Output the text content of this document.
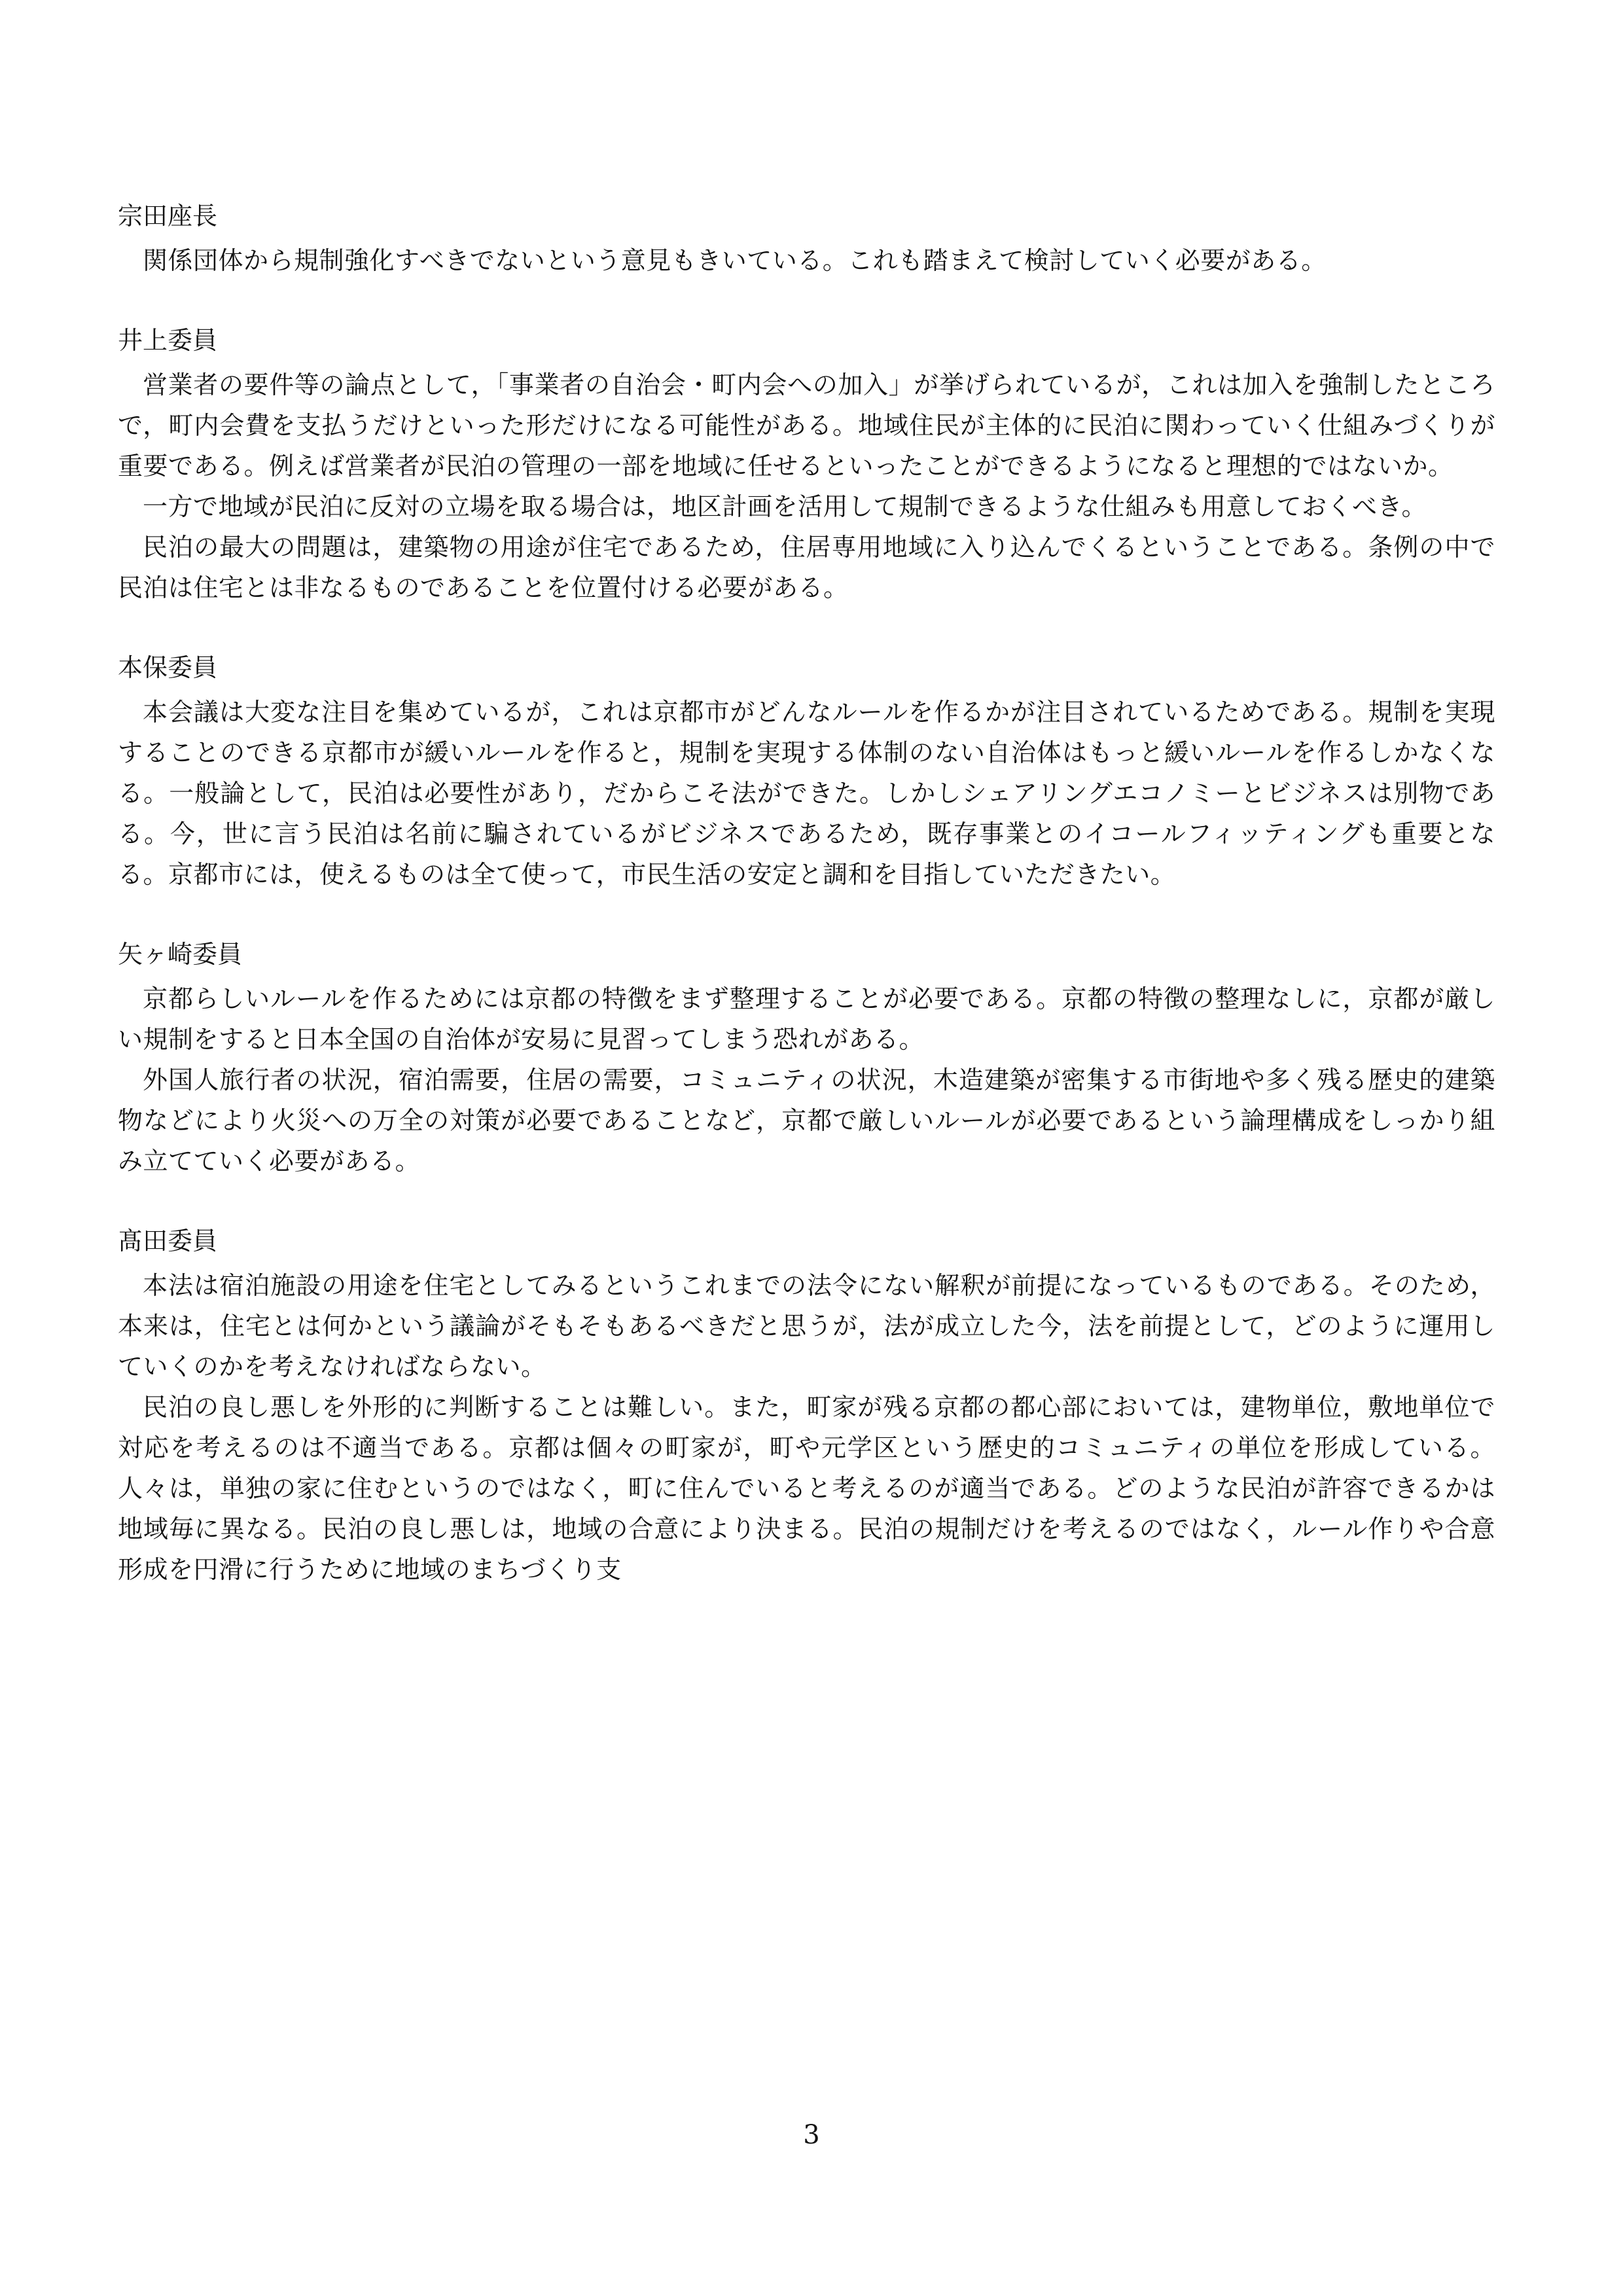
宗田座長

関係団体から規制強化すべきでないという意見もきいている。これも踏まえて検討していく必要がある。

井上委員

営業者の要件等の論点として，「事業者の自治会・町内会への加入」が挙げられているが，これは加入を強制したところで，町内会費を支払うだけといった形だけになる可能性がある。地域住民が主体的に民泊に関わっていく仕組みづくりが重要である。例えば営業者が民泊の管理の一部を地域に任せるといったことができるようになると理想的ではないか。

一方で地域が民泊に反対の立場を取る場合は，地区計画を活用して規制できるような仕組みも用意しておくべき。

民泊の最大の問題は，建築物の用途が住宅であるため，住居専用地域に入り込んでくるということである。条例の中で民泊は住宅とは非なるものであることを位置付ける必要がある。

本保委員

本会議は大変な注目を集めているが，これは京都市がどんなルールを作るかが注目されているためである。規制を実現することのできる京都市が緩いルールを作ると，規制を実現する体制のない自治体はもっと緩いルールを作るしかなくなる。一般論として，民泊は必要性があり，だからこそ法ができた。しかしシェアリングエコノミーとビジネスは別物である。今，世に言う民泊は名前に騙されているがビジネスであるため，既存事業とのイコールフィッティングも重要となる。京都市には，使えるものは全て使って，市民生活の安定と調和を目指していただきたい。

矢ヶ崎委員

京都らしいルールを作るためには京都の特徴をまず整理することが必要である。京都の特徴の整理なしに，京都が厳しい規制をすると日本全国の自治体が安易に見習ってしまう恐れがある。

外国人旅行者の状況，宿泊需要，住居の需要，コミュニティの状況，木造建築が密集する市街地や多く残る歴史的建築物などにより火災への万全の対策が必要であることなど，京都で厳しいルールが必要であるという論理構成をしっかり組み立てていく必要がある。

髙田委員

本法は宿泊施設の用途を住宅としてみるというこれまでの法令にない解釈が前提になっているものである。そのため，本来は，住宅とは何かという議論がそもそもあるべきだと思うが，法が成立した今，法を前提として，どのように運用していくのかを考えなければならない。

民泊の良し悪しを外形的に判断することは難しい。また，町家が残る京都の都心部においては，建物単位，敷地単位で対応を考えるのは不適当である。京都は個々の町家が，町や元学区という歴史的コミュニティの単位を形成している。人々は，単独の家に住むというのではなく，町に住んでいると考えるのが適当である。どのような民泊が許容できるかは地域毎に異なる。民泊の良し悪しは，地域の合意により決まる。民泊の規制だけを考えるのではなく，ルール作りや合意形成を円滑に行うために地域のまちづくり支

3
